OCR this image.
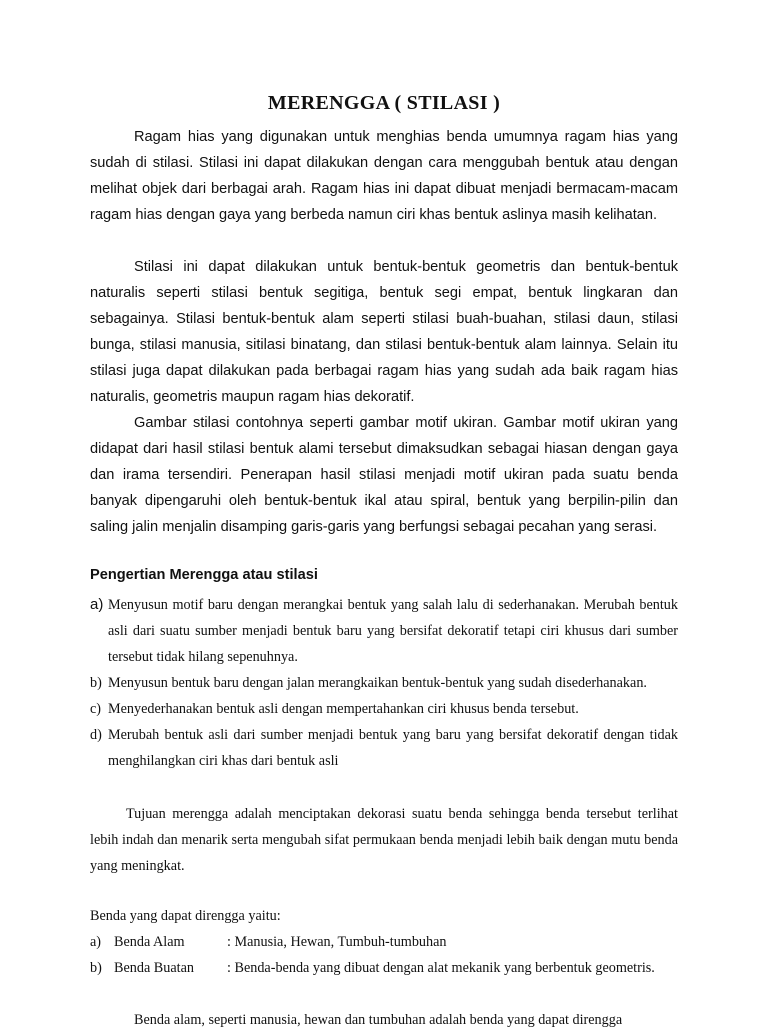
MERENGGA ( STILASI )

Ragam hias yang digunakan untuk menghias benda umumnya ragam hias yang sudah di stilasi. Stilasi ini dapat dilakukan dengan cara menggubah bentuk atau dengan melihat objek dari berbagai arah. Ragam hias ini dapat dibuat menjadi bermacam-macam ragam hias dengan gaya yang berbeda namun ciri khas bentuk aslinya masih kelihatan.

Stilasi ini dapat dilakukan untuk bentuk-bentuk geometris dan bentuk-bentuk naturalis seperti stilasi bentuk segitiga, bentuk segi empat, bentuk lingkaran dan sebagainya. Stilasi bentuk-bentuk alam seperti stilasi buah-buahan, stilasi daun, stilasi bunga, stilasi manusia, sitilasi binatang, dan stilasi bentuk-bentuk alam lainnya. Selain itu stilasi juga dapat dilakukan pada berbagai ragam hias yang sudah ada baik ragam hias naturalis, geometris maupun ragam hias dekoratif.

Gambar stilasi contohnya seperti gambar motif ukiran. Gambar motif ukiran yang didapat dari hasil stilasi bentuk alami tersebut dimaksudkan sebagai hiasan dengan gaya dan irama tersendiri. Penerapan hasil stilasi menjadi motif ukiran pada suatu benda banyak dipengaruhi oleh bentuk-bentuk ikal atau spiral, bentuk yang berpilin-pilin dan saling jalin menjalin disamping garis-garis yang berfungsi sebagai pecahan yang serasi.

Pengertian Merengga atau stilasi
a) Menyusun motif baru dengan merangkai bentuk yang salah lalu di sederhanakan. Merubah bentuk asli dari suatu sumber menjadi bentuk baru yang bersifat dekoratif tetapi ciri khusus dari sumber tersebut tidak hilang sepenuhnya.
b) Menyusun bentuk baru dengan jalan merangkaikan bentuk-bentuk yang sudah disederhanakan.
c) Menyederhanakan bentuk asli dengan mempertahankan ciri khusus benda tersebut.
d) Merubah bentuk asli dari sumber menjadi bentuk yang baru yang bersifat dekoratif dengan tidak menghilangkan ciri khas dari bentuk asli

Tujuan merengga adalah menciptakan dekorasi suatu benda sehingga benda tersebut terlihat lebih indah dan menarik serta mengubah sifat permukaan benda menjadi lebih baik dengan mutu benda yang meningkat.

Benda yang dapat direngga yaitu:
a) Benda Alam	: Manusia, Hewan, Tumbuh-tumbuhan
b) Benda Buatan : Benda-benda yang dibuat dengan alat mekanik yang berbentuk geometris.

Benda alam, seperti manusia, hewan dan tumbuhan adalah benda yang dapat direngga
